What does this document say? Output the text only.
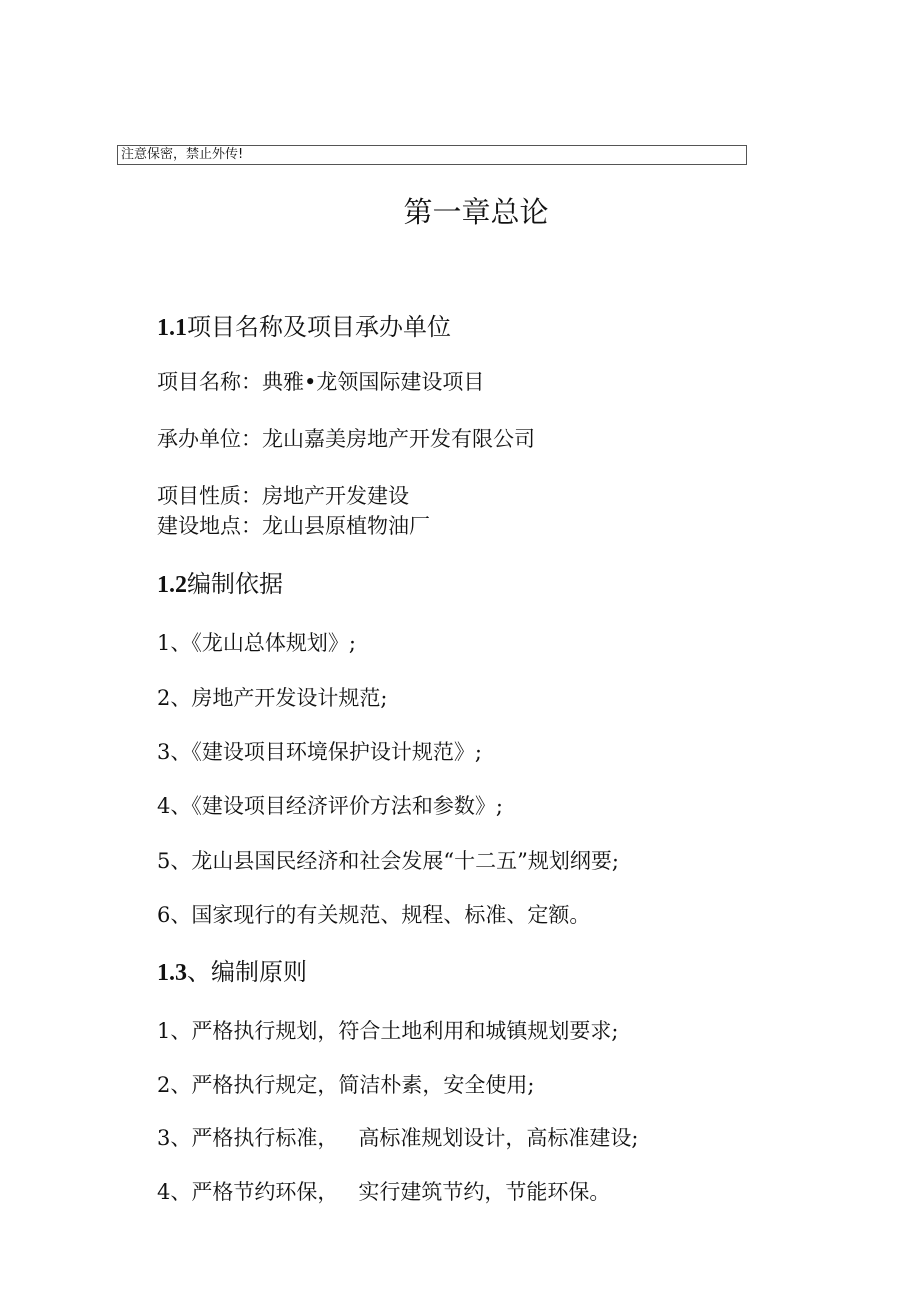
注意保密，禁止外传!
第一章总论
1.1项目名称及项目承办单位

项目名称：典雅•龙领国际建设项目

承办单位：龙山嘉美房地产开发有限公司

项目性质：房地产开发建设

建设地点：龙山县原植物油厂

1.2编制依据

1、《龙山总体规划》;

2、房地产开发设计规范;

3、《建设项目环境保护设计规范》;

4、《建设项目经济评价方法和参数》;

5、龙山县国民经济和社会发展“十二五”规划纲要;

6、国家现行的有关规范、规程、标准、定额。

1.3、编制原则

1、严格执行规划，符合土地利用和城镇规划要求;

2、严格执行规定，简洁朴素，安全使用;

3、严格执行标准，   高标准规划设计，高标准建设;

4、严格节约环保，   实行建筑节约，节能环保。
